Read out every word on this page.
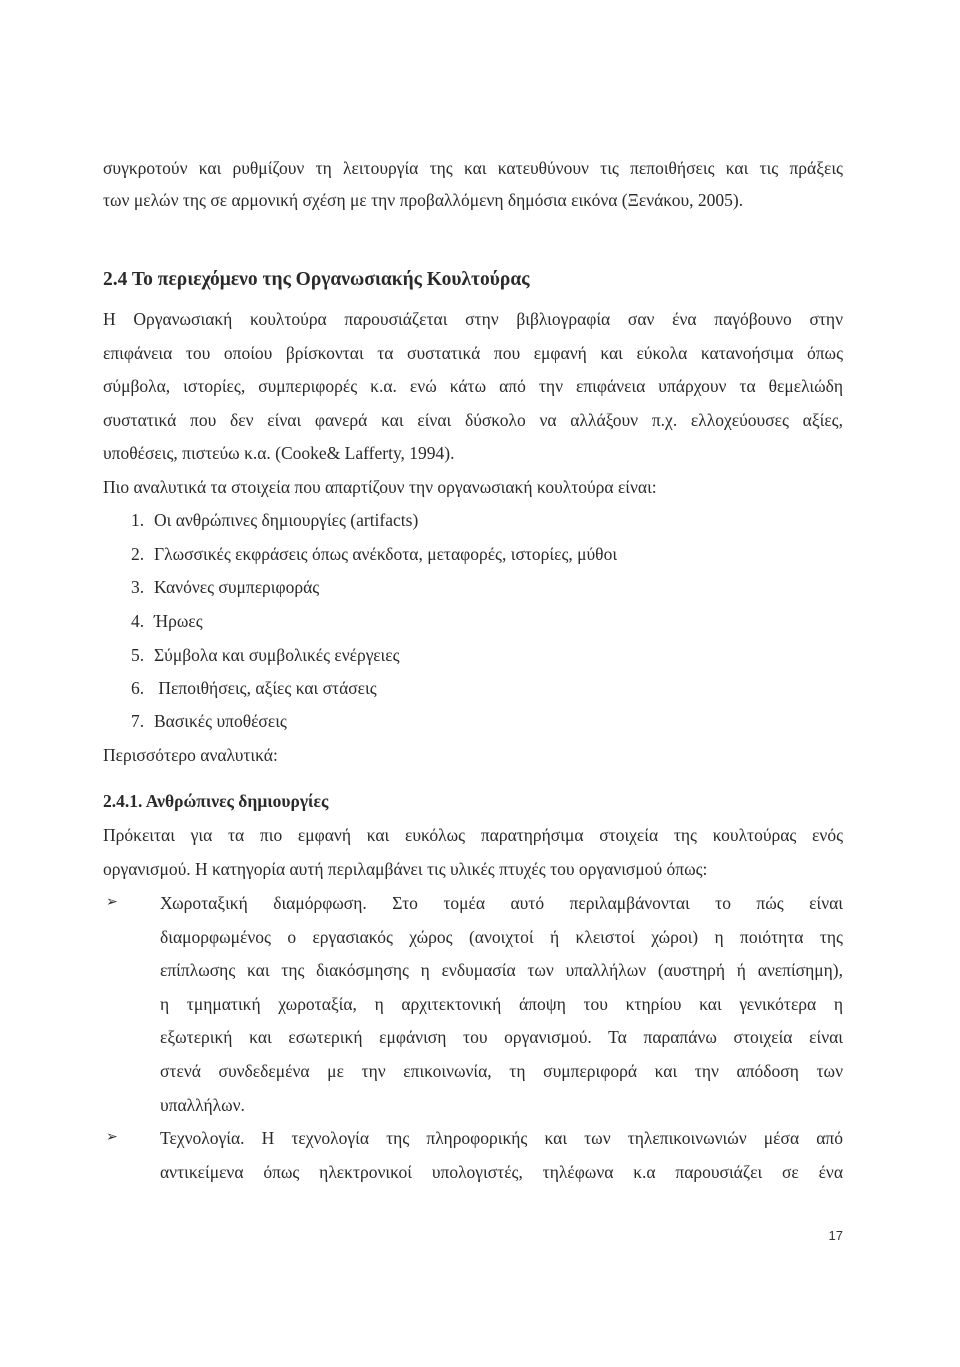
συγκροτούν και ρυθμίζουν τη λειτουργία της και κατευθύνουν τις πεποιθήσεις και τις πράξεις
των μελών της σε αρμονική σχέση με την προβαλλόμενη δημόσια εικόνα (Ξενάκου, 2005).
2.4 Το περιεχόμενο της Οργανωσιακής Κουλτούρας
Η Οργανωσιακή κουλτούρα παρουσιάζεται στην βιβλιογραφία σαν ένα παγόβουνο στην
επιφάνεια του οποίου βρίσκονται τα συστατικά που εμφανή και εύκολα κατανοήσιμα όπως
σύμβολα, ιστορίες, συμπεριφορές κ.α. ενώ κάτω από την επιφάνεια υπάρχουν τα θεμελιώδη
συστατικά που δεν είναι φανερά και είναι δύσκολο να αλλάξουν π.χ. ελλοχεύουσες αξίες,
υποθέσεις, πιστεύω κ.α. (Cooke& Lafferty, 1994).
Πιο αναλυτικά τα στοιχεία που απαρτίζουν την οργανωσιακή κουλτούρα είναι:
1. Οι ανθρώπινες δημιουργίες (artifacts)
2. Γλωσσικές εκφράσεις όπως ανέκδοτα, μεταφορές, ιστορίες, μύθοι
3. Κανόνες συμπεριφοράς
4. Ήρωες
5. Σύμβολα και συμβολικές ενέργειες
6. Πεποιθήσεις, αξίες και στάσεις
7. Βασικές υποθέσεις
Περισσότερο αναλυτικά:
2.4.1. Ανθρώπινες δημιουργίες
Πρόκειται για τα πιο εμφανή και ευκόλως παρατηρήσιμα στοιχεία της κουλτούρας ενός
οργανισμού. Η κατηγορία αυτή περιλαμβάνει τις υλικές πτυχές του οργανισμού όπως:
➢ Χωροταξική διαμόρφωση. Στο τομέα αυτό περιλαμβάνονται το πώς είναι
διαμορφωμένος ο εργασιακός χώρος (ανοιχτοί ή κλειστοί χώροι) η ποιότητα της
επίπλωσης και της διακόσμησης η ενδυμασία των υπαλλήλων (αυστηρή ή ανεπίσημη),
η τμηματική χωροταξία, η αρχιτεκτονική άποψη του κτηρίου και γενικότερα η
εξωτερική και εσωτερική εμφάνιση του οργανισμού. Τα παραπάνω στοιχεία είναι
στενά συνδεδεμένα με την επικοινωνία, τη συμπεριφορά και την απόδοση των
υπαλλήλων.
➢ Τεχνολογία. Η τεχνολογία της πληροφορικής και των τηλεπικοινωνιών μέσα από
αντικείμενα όπως ηλεκτρονικοί υπολογιστές, τηλέφωνα κ.α παρουσιάζει σε ένα
17
